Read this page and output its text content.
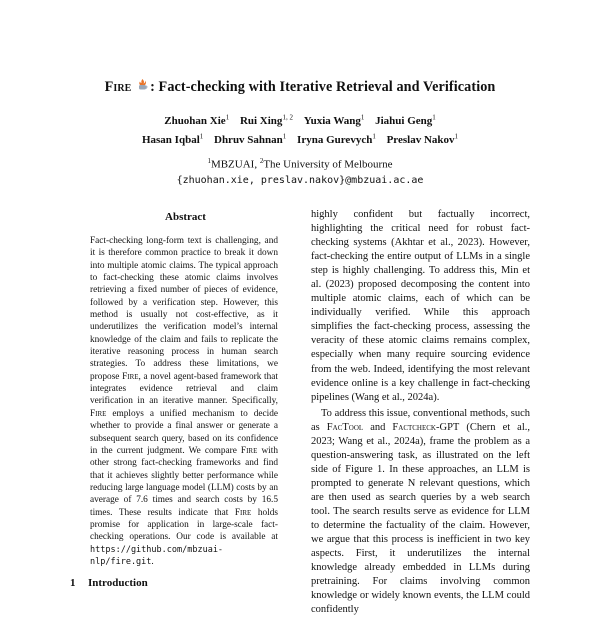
Fire : Fact-checking with Iterative Retrieval and Verification
Zhuohan Xie$^1$ Rui Xing$^{1, 2}$ Yuxia Wang$^1$ Jiahui Geng$^1$
Hasan Iqbal$^1$ Dhruv Sahnan$^1$ Iryna Gurevych$^1$ Preslav Nakov$^1$
$^1$MBZUAI, $^2$The University of Melbourne
{zhuohan.xie, preslav.nakov}@mbzuai.ac.ae
Abstract
Fact-checking long-form text is challenging, and it is therefore common practice to break it down into multiple atomic claims. The typical approach to fact-checking these atomic claims involves retrieving a fixed number of pieces of evidence, followed by a verification step. However, this method is usually not cost-effective, as it underutilizes the verification model’s internal knowledge of the claim and fails to replicate the iterative reasoning process in human search strategies. To address these limitations, we propose Fire, a novel agent-based framework that integrates evidence retrieval and claim verification in an iterative manner. Specifically, Fire employs a unified mechanism to decide whether to provide a final answer or generate a subsequent search query, based on its confidence in the current judgment. We compare Fire with other strong fact-checking frameworks and find that it achieves slightly better performance while reducing large language model (LLM) costs by an average of 7.6 times and search costs by 16.5 times. These results indicate that Fire holds promise for application in large-scale fact-checking operations. Our code is available at https://github.com/mbzuai-nlp/fire.git.
1 Introduction

highly confident but factually incorrect, highlighting the critical need for robust fact-checking systems (Akhtar et al., 2023). However, fact-checking the entire output of LLMs in a single step is highly challenging. To address this, Min et al. (2023) proposed decomposing the content into multiple atomic claims, each of which can be individually verified. While this approach simplifies the fact-checking process, assessing the veracity of these atomic claims remains complex, especially when many require sourcing evidence from the web. Indeed, identifying the most relevant evidence online is a key challenge in fact-checking pipelines (Wang et al., 2024a).

To address this issue, conventional methods, such as FacTool and Factcheck-GPT (Chern et al., 2023; Wang et al., 2024a), frame the problem as a question-answering task, as illustrated on the left side of Figure 1. In these approaches, an LLM is prompted to generate N relevant questions, which are then used as search queries by a web search tool. The search results serve as evidence for LLM to determine the factuality of the claim. However, we argue that this process is inefficient in two key aspects. First, it underutilizes the internal knowledge already embedded in LLMs during pretraining. For claims involving common knowledge or widely known events, the LLM could confidently
